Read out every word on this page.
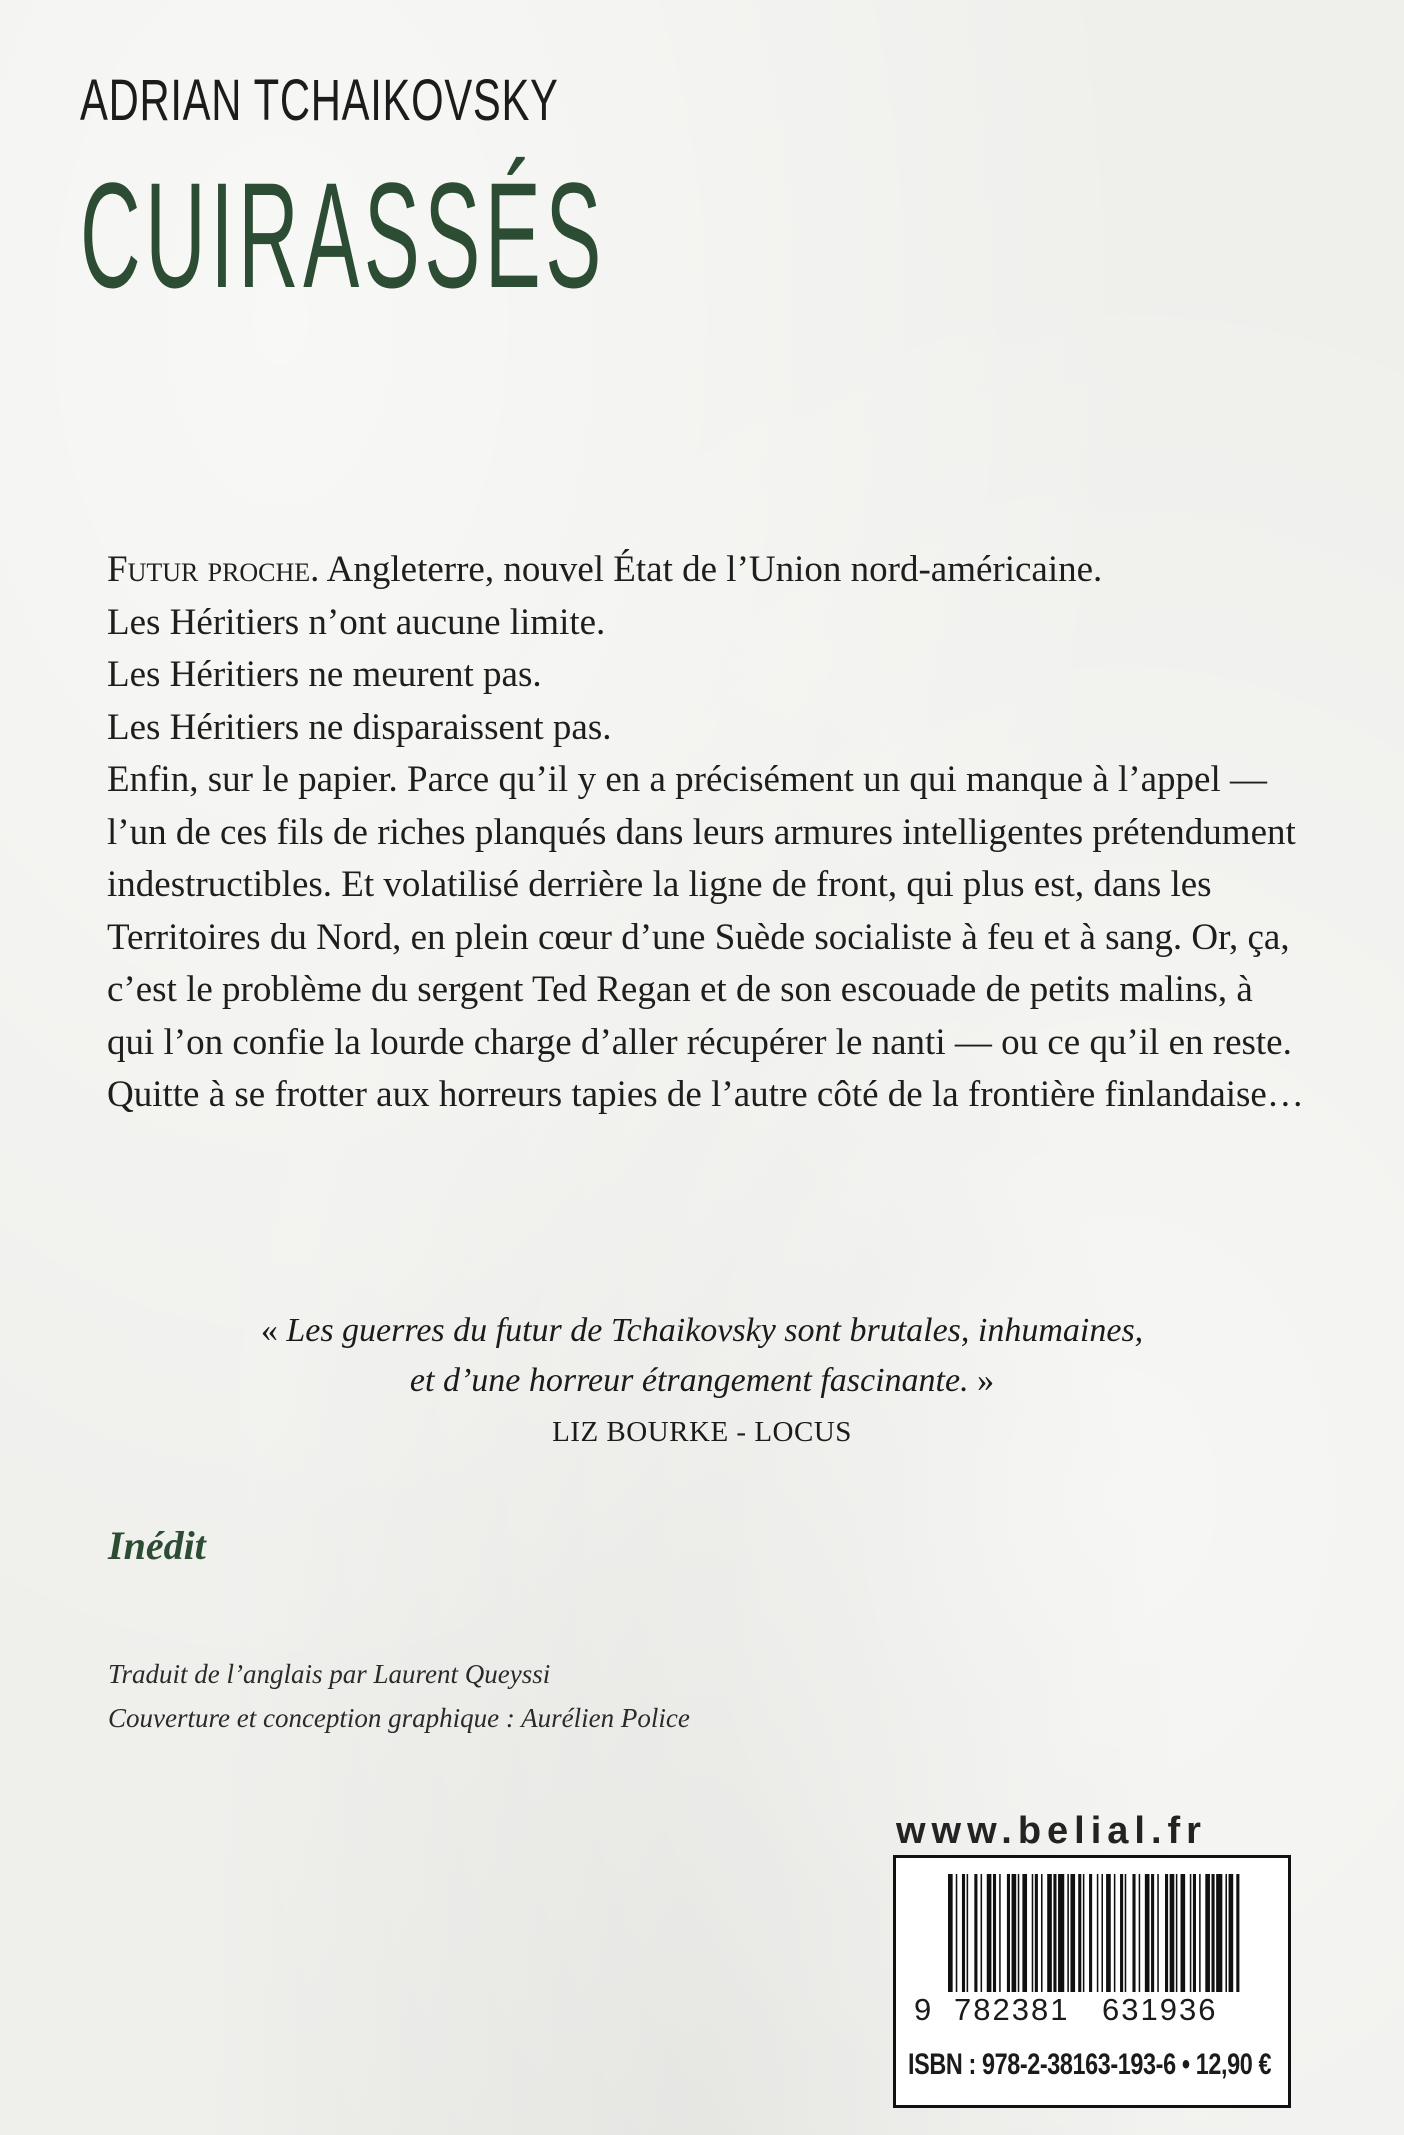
ADRIAN TCHAIKOVSKY
CUIRASSÉS

Futur proche. Angleterre, nouvel État de l’Union nord-américaine.

Les Héritiers n’ont aucune limite.

Les Héritiers ne meurent pas.

Les Héritiers ne disparaissent pas.

Enfin, sur le papier. Parce qu’il y en a précisément un qui manque à l’appel —

l’un de ces fils de riches planqués dans leurs armures intelligentes prétendument

indestructibles. Et volatilisé derrière la ligne de front, qui plus est, dans les

Territoires du Nord, en plein cœur d’une Suède socialiste à feu et à sang. Or, ça,

c’est le problème du sergent Ted Regan et de son escouade de petits malins, à

qui l’on confie la lourde charge d’aller récupérer le nanti — ou ce qu’il en reste.

Quitte à se frotter aux horreurs tapies de l’autre côté de la frontière finlandaise…

« Les guerres du futur de Tchaikovsky sont brutales, inhumaines,
et d’une horreur étrangement fascinante. »
LIZ BOURKE - LOCUS
Inédit
Traduit de l’anglais par Laurent Queyssi
Couverture et conception graphique : Aurélien Police
www.belial.fr
9 782381 631936
ISBN : 978-2-38163-193-6 • 12,90 €
